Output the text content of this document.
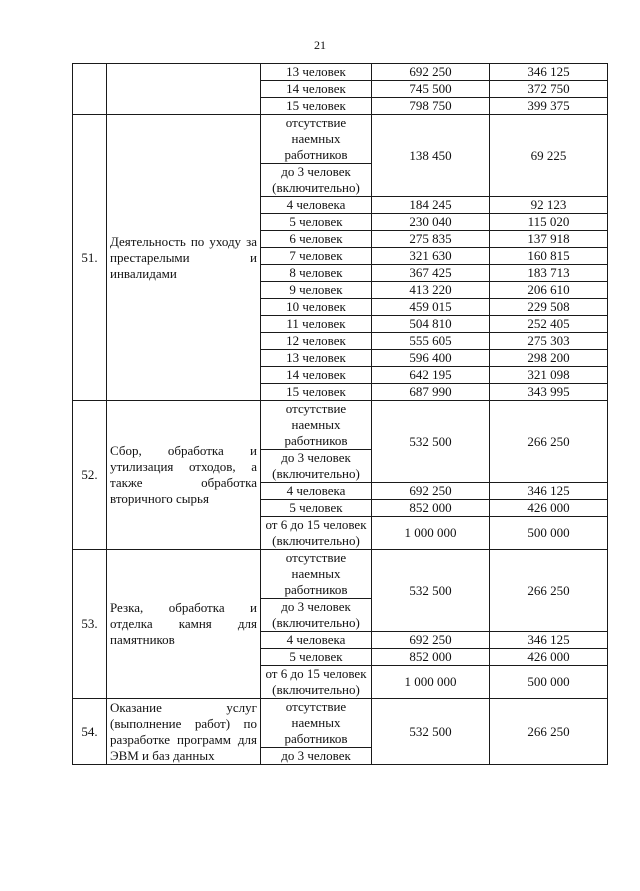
21
		13 человек	692 250	346 125
		14 человек	745 500	372 750
		15 человек	798 750	399 375
51.	Деятельность по уходу за престарелыми и инвалидами	отсутствие наемных работников	138 450	69 225
		до 3 человек (включительно)		
		4 человека	184 245	92 123
		5 человек	230 040	115 020
		6 человек	275 835	137 918
		7 человек	321 630	160 815
		8 человек	367 425	183 713
		9 человек	413 220	206 610
		10 человек	459 015	229 508
		11 человек	504 810	252 405
		12 человек	555 605	275 303
		13 человек	596 400	298 200
		14 человек	642 195	321 098
		15 человек	687 990	343 995
52.	Сбор, обработка и утилизация отходов, а также обработка вторичного сырья	отсутствие наемных работников	532 500	266 250
		до 3 человек (включительно)		
		4 человека	692 250	346 125
		5 человек	852 000	426 000
		от 6 до 15 человек (включительно)	1 000 000	500 000
53.	Резка, обработка и отделка камня для памятников	отсутствие наемных работников	532 500	266 250
		до 3 человек (включительно)		
		4 человека	692 250	346 125
		5 человек	852 000	426 000
		от 6 до 15 человек (включительно)	1 000 000	500 000
54.	Оказание услуг (выполнение работ) по разработке программ для ЭВМ и баз данных	отсутствие наемных работников	532 500	266 250
		до 3 человек		
